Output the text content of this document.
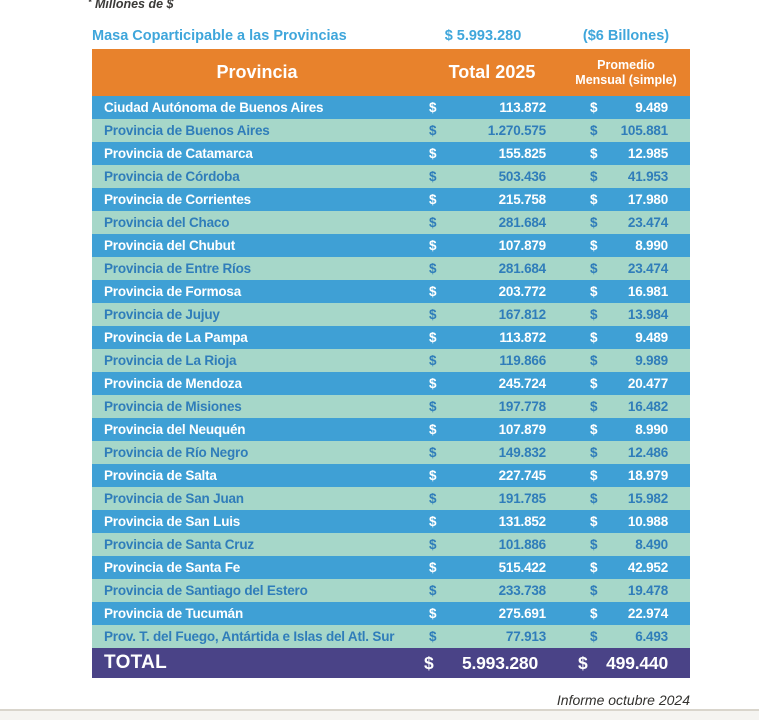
* Millones de $
Masa Coparticipable a las Provincias	$ 5.993.280	($6 Billones)
Provincia	Total 2025	Promedio
Mensual (simple)
Ciudad Autónoma de Buenos Aires	$	113.872	$	9.489
Provincia de Buenos Aires	$	1.270.575	$ 105.881
Provincia de Catamarca	$	155.825	$ 12.985
Provincia de Córdoba	$	503.436	$ 41.953
Provincia de Corrientes	$	215.758	$ 17.980
Provincia del Chaco	$	281.684	$ 23.474
Provincia del Chubut	$	107.879	$	8.990
Provincia de Entre Ríos	$	281.684	$ 23.474
Provincia de Formosa	$	203.772	$ 16.981
Provincia de Jujuy	$	167.812	$ 13.984
Provincia de La Pampa	$	113.872	$	9.489
Provincia de La Rioja	$	119.866	$	9.989
Provincia de Mendoza	$	245.724	$ 20.477
Provincia de Misiones	$	197.778	$ 16.482
Provincia del Neuquén	$	107.879	$	8.990
Provincia de Río Negro	$	149.832	$ 12.486
Provincia de Salta	$	227.745	$ 18.979
Provincia de San Juan	$	191.785	$ 15.982
Provincia de San Luis	$	131.852	$ 10.988
Provincia de Santa Cruz	$	101.886	$	8.490
Provincia de Santa Fe	$	515.422	$ 42.952
Provincia de Santiago del Estero	$	233.738	$ 19.478
Provincia de Tucumán	$	275.691	$ 22.974
Prov. T. del Fuego, Antártida e Islas del Atl. Sur	$	77.913	$	6.493
TOTAL	$ 5.993.280 $ 499.440
Informe octubre 2024
